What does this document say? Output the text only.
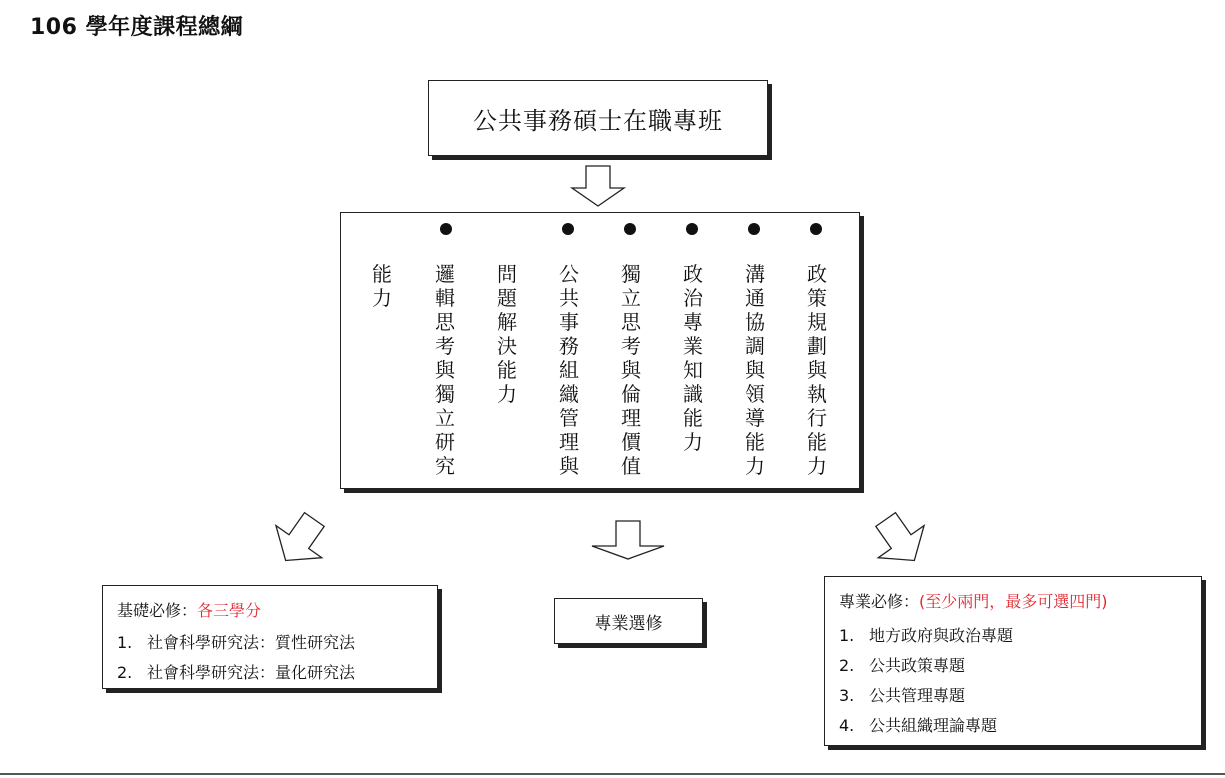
106 學年度課程總綱
公共事務碩士在職專班
能
力
邏
輯
思
考
與
獨
立
研
究
問
題
解
決
能
力
公
共
事
務
組
織
管
理
與
獨
立
思
考
與
倫
理
價
值
政
治
專
業
知
識
能
力
溝
通
協
調
與
領
導
能
力
政
策
規
劃
與
執
行
能
力
基礎必修：各三學分
1. 社會科學研究法：質性研究法
2. 社會科學研究法：量化研究法
專業選修
專業必修：(至少兩門，最多可選四門)
1. 地方政府與政治專題
2. 公共政策專題
3. 公共管理專題
4. 公共組織理論專題
